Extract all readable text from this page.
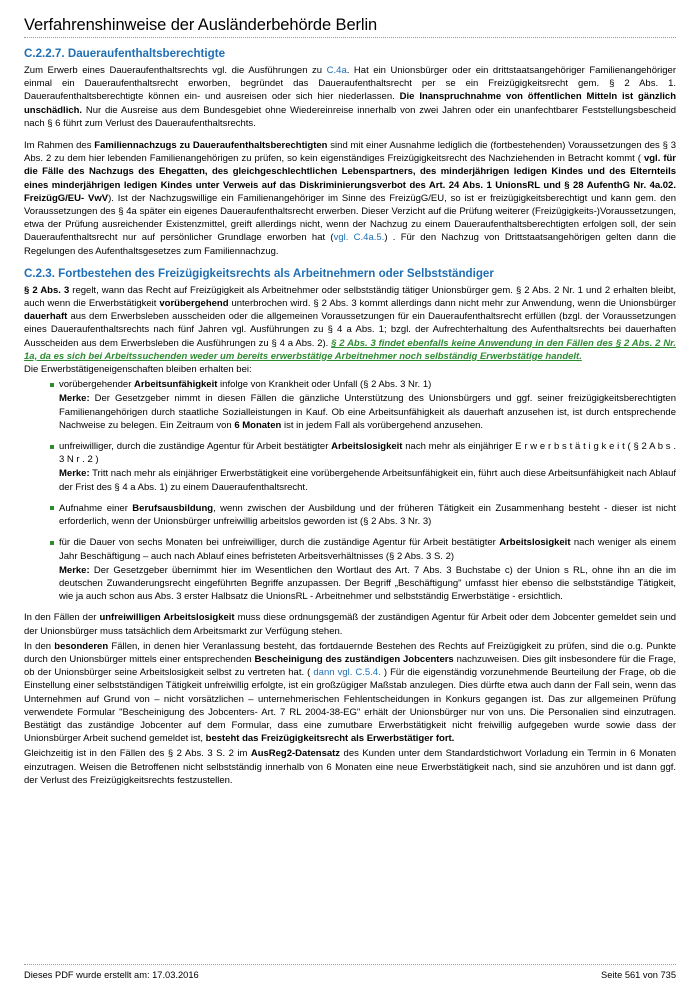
Verfahrenshinweise der Ausländerbehörde Berlin
C.2.2.7. Daueraufenthaltsberechtigte

Zum Erwerb eines Daueraufenthaltsrechts vgl. die Ausführungen zu C.4a. Hat ein Unionsbürger oder ein drittstaatsangehöriger Familienangehöriger einmal ein Daueraufenthaltsrecht erworben, begründet das Daueraufenthaltsrecht per se ein Freizügigkeitsrecht gem. § 2 Abs. 1. Daueraufenthaltsberechtigte können ein- und ausreisen oder sich hier niederlassen. Die Inanspruchnahme von öffentlichen Mitteln ist gänzlich unschädlich. Nur die Ausreise aus dem Bundesgebiet ohne Wiedereinreise innerhalb von zwei Jahren oder ein unanfechtbarer Feststellungsbescheid nach § 6 führt zum Verlust des Daueraufenthaltsrechts.

Im Rahmen des Familiennachzugs zu Daueraufenthaltsberechtigten sind mit einer Ausnahme lediglich die (fortbestehenden) Voraussetzungen des § 3 Abs. 2 zu dem hier lebenden Familienangehörigen zu prüfen, so kein eigenständiges Freizügigkeitsrecht des Nachziehenden in Betracht kommt ( vgl. für die Fälle des Nachzugs des Ehegatten, des gleichgeschlechtlichen Lebenspartners, des minderjährigen ledigen Kindes und des Elternteils eines minderjährigen ledigen Kindes unter Verweis auf das Diskriminierungsverbot des Art. 24 Abs. 1 UnionsRL und § 28 AufenthG Nr. 4a.02. FreizügG/EU- VwV). Ist der Nachzugswillige ein Familienangehöriger im Sinne des FreizügG/EU, so ist er freizügigkeitsberechtigt und kann gem. den Voraussetzungen des § 4a später ein eigenes Daueraufenthaltsrecht erwerben. Dieser Verzicht auf die Prüfung weiterer (Freizügigkeits-)Voraussetzungen, etwa der Prüfung ausreichender Existenzmittel, greift allerdings nicht, wenn der Nachzug zu einem Daueraufenthaltsberechtigten erfolgen soll, der sein Daueraufenthaltsrecht nur auf persönlicher Grundlage erworben hat (vgl. C.4a.5.) . Für den Nachzug von Drittstaatsangehörigen gelten dann die Regelungen des Aufenthaltsgesetzes zum Familiennachzug.

C.2.3. Fortbestehen des Freizügigkeitsrechts als Arbeitnehmern oder Selbstständiger

§ 2 Abs. 3 regelt, wann das Recht auf Freizügigkeit als Arbeitnehmer oder selbstständig tätiger Unionsbürger gem. § 2 Abs. 2 Nr. 1 und 2 erhalten bleibt, auch wenn die Erwerbstätigkeit vorübergehend unterbrochen wird. § 2 Abs. 3 kommt allerdings dann nicht mehr zur Anwendung, wenn die Unionsbürger dauerhaft aus dem Erwerbsleben ausscheiden oder die allgemeinen Voraussetzungen für ein Daueraufenthaltsrecht erfüllen (bzgl. der Voraussetzungen eines Daueraufenthaltsrechts nach fünf Jahren vgl. Ausführungen zu § 4 a Abs. 1; bzgl. der Aufrechterhaltung des Aufenthaltsrechts bei dauerhaften Ausscheiden aus dem Erwerbsleben die Ausführungen zu § 4 a Abs. 2). § 2 Abs. 3 findet ebenfalls keine Anwendung in den Fällen des § 2 Abs. 2 Nr. 1a, da es sich bei Arbeitssuchenden weder um bereits erwerbstätige Arbeitnehmer noch selbständig Erwerbstätige handelt.

Die Erwerbstätigeneigenschaften bleiben erhalten bei:

vorübergehender Arbeitsunfähigkeit infolge von Krankheit oder Unfall (§ 2 Abs. 3 Nr. 1)
Merke: Der Gesetzgeber nimmt in diesen Fällen die gänzliche Unterstützung des Unionsbürgers und ggf. seiner freizügigkeitsberechtigten Familienangehörigen durch staatliche Sozialleistungen in Kauf. Ob eine Arbeitsunfähigkeit als dauerhaft anzusehen ist, ist durch entsprechende Nachweise zu belegen. Ein Zeitraum von 6 Monaten ist in jedem Fall als vorübergehend anzusehen.
unfreiwilliger, durch die zuständige Agentur für Arbeit bestätigter Arbeitslosigkeit nach mehr als einjähriger E r w e r b s t ä t i g k e i t ( § 2 A b s . 3 N r . 2 )
Merke: Tritt nach mehr als einjähriger Erwerbstätigkeit eine vorübergehende Arbeitsunfähigkeit ein, führt auch diese Arbeitsunfähigkeit nach Ablauf der Frist des § 4 a Abs. 1) zu einem Daueraufenthaltsrecht.
Aufnahme einer Berufsausbildung, wenn zwischen der Ausbildung und der früheren Tätigkeit ein Zusammenhang besteht - dieser ist nicht erforderlich, wenn der Unionsbürger unfreiwillig arbeitslos geworden ist (§ 2 Abs. 3 Nr. 3)
für die Dauer von sechs Monaten bei unfreiwilliger, durch die zuständige Agentur für Arbeit bestätigter Arbeitslosigkeit nach weniger als einem Jahr Beschäftigung – auch nach Ablauf eines befristeten Arbeitsverhältnisses (§ 2 Abs. 3 S. 2)
Merke: Der Gesetzgeber übernimmt hier im Wesentlichen den Wortlaut des Art. 7 Abs. 3 Buchstabe c) der Union s RL, ohne ihn an die im deutschen Zuwanderungsrecht eingeführten Begriffe anzupassen. Der Begriff „Beschäftigung" umfasst hier ebenso die selbstständige Tätigkeit, wie ja auch schon aus Abs. 3 erster Halbsatz die UnionsRL - Arbeitnehmer und selbstständig Erwerbstätige - ersichtlich.

In den Fällen der unfreiwilligen Arbeitslosigkeit muss diese ordnungsgemäß der zuständigen Agentur für Arbeit oder dem Jobcenter gemeldet sein und der Unionsbürger muss tatsächlich dem Arbeitsmarkt zur Verfügung stehen.

In den besonderen Fällen, in denen hier Veranlassung besteht, das fortdauernde Bestehen des Rechts auf Freizügigkeit zu prüfen, sind die o.g. Punkte durch den Unionsbürger mittels einer entsprechenden Bescheinigung des zuständigen Jobcenters nachzuweisen. Dies gilt insbesondere für die Frage, ob der Unionsbürger seine Arbeitslosigkeit selbst zu vertreten hat. ( dann vgl. C.5.4. ) Für die eigenständig vorzunehmende Beurteilung der Frage, ob die Einstellung einer selbstständigen Tätigkeit unfreiwillig erfolgte, ist ein großzügiger Maßstab anzulegen. Dies dürfte etwa auch dann der Fall sein, wenn das Unternehmen auf Grund von – nicht vorsätzlichen – unternehmerischen Fehlentscheidungen in Konkurs gegangen ist. Das zur allgemeinen Prüfung verwendete Formular "Bescheinigung des Jobcenters- Art. 7 RL 2004-38-EG" erhält der Unionsbürger nur von uns. Die Personalien sind einzutragen. Bestätigt das zuständige Jobcenter auf dem Formular, dass eine zumutbare Erwerbstätigkeit nicht freiwillig aufgegeben wurde sowie dass der Unionsbürger Arbeit suchend gemeldet ist, besteht das Freizügigkeitsrecht als Erwerbstätiger fort.

Gleichzeitig ist in den Fällen des § 2 Abs. 3 S. 2 im AusReg2-Datensatz des Kunden unter dem Standardstichwort Vorladung ein Termin in 6 Monaten einzutragen. Weisen die Betroffenen nicht selbstständig innerhalb von 6 Monaten eine neue Erwerbstätigkeit nach, sind sie anzuhören und ist dann ggf. der Verlust des Freizügigkeitsrechts festzustellen.

Dieses PDF wurde erstellt am: 17.03.2016	Seite 561 von 735
